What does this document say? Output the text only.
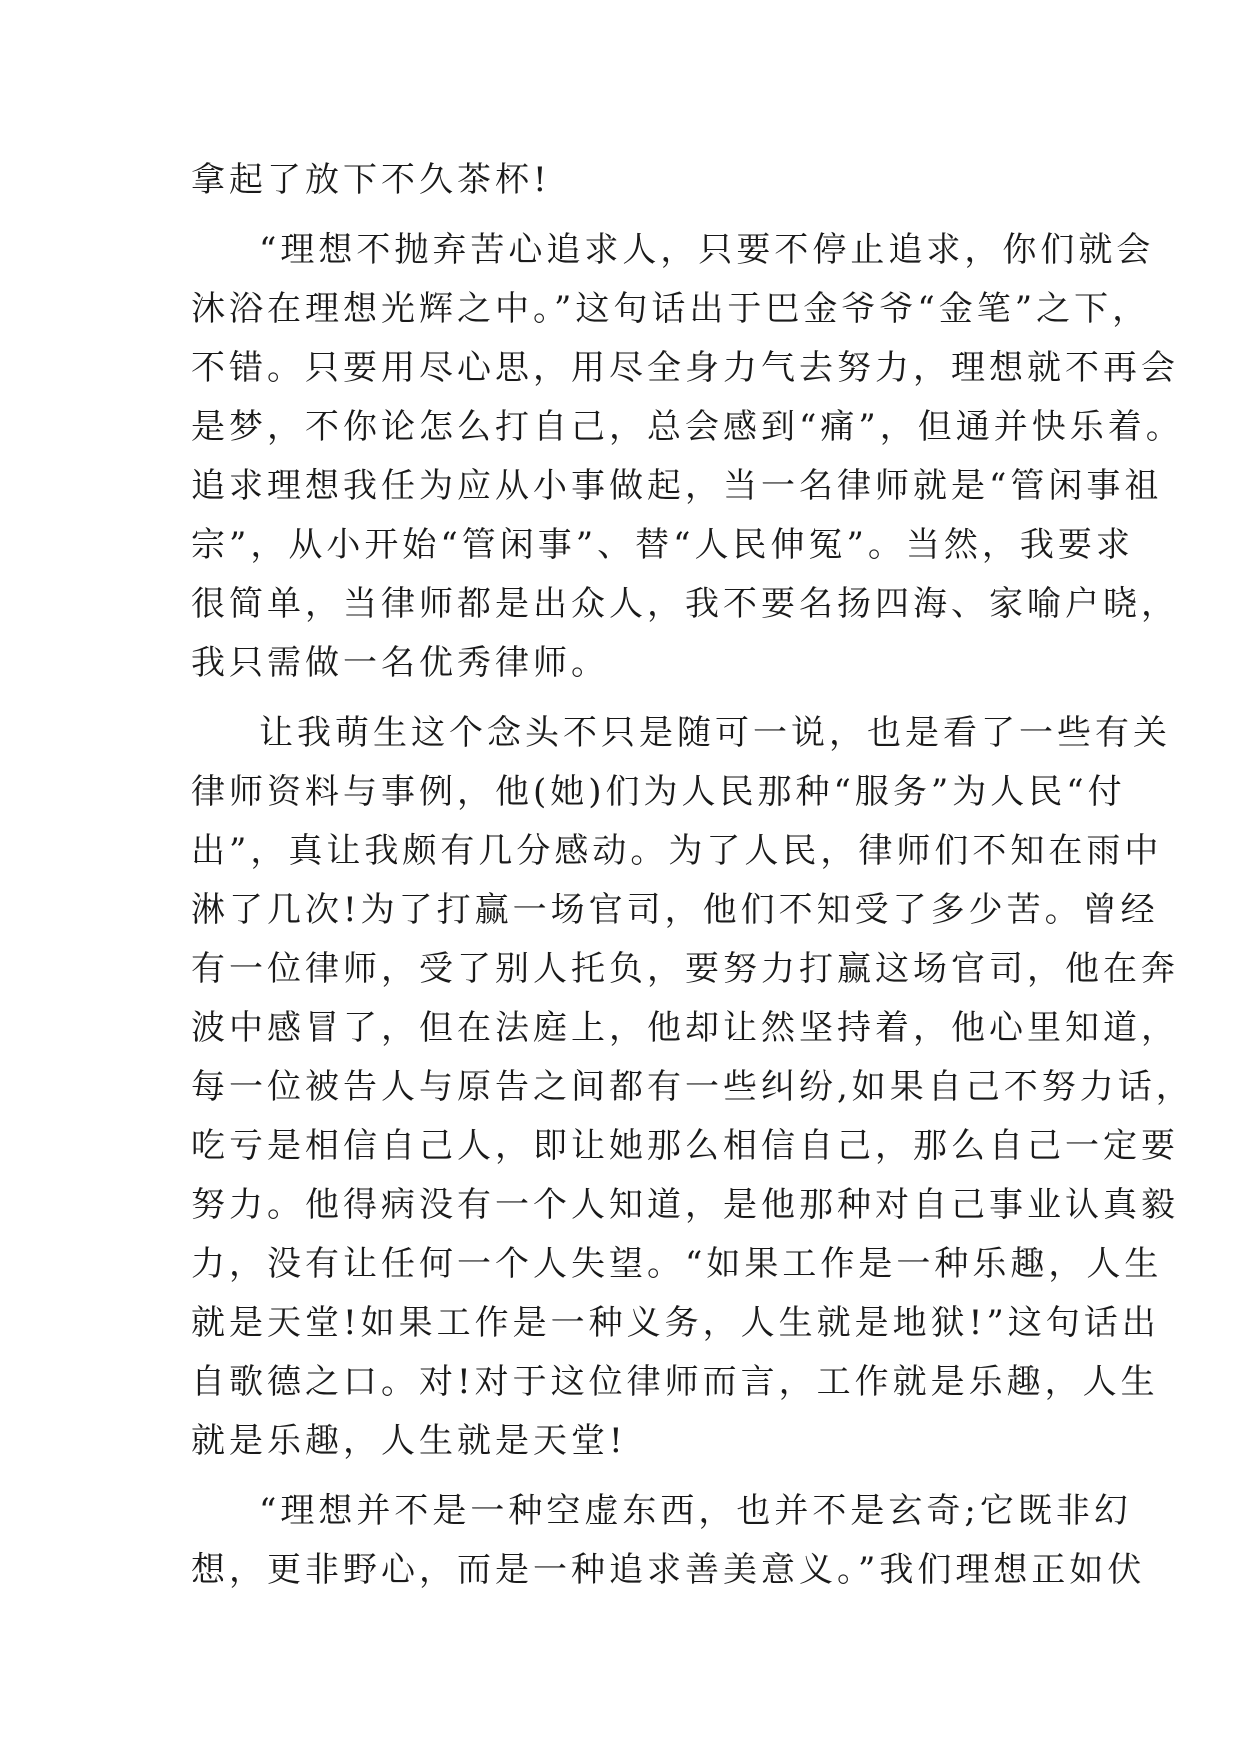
拿起了放下不久茶杯!
“理想不抛弃苦心追求人，只要不停止追求，你们就会
沐浴在理想光辉之中。”这句话出于巴金爷爷“金笔”之下，
不错。只要用尽心思，用尽全身力气去努力，理想就不再会
是梦，不你论怎么打自己，总会感到“痛”，但通并快乐着。
追求理想我任为应从小事做起，当一名律师就是“管闲事祖
宗”，从小开始“管闲事”、替“人民伸冤”。当然，我要求
很简单，当律师都是出众人，我不要名扬四海、家喻户晓，
我只需做一名优秀律师。
让我萌生这个念头不只是随可一说，也是看了一些有关
律师资料与事例，他(她)们为人民那种“服务”为人民“付
出”，真让我颇有几分感动。为了人民，律师们不知在雨中
淋了几次!为了打赢一场官司，他们不知受了多少苦。曾经
有一位律师，受了别人托负，要努力打赢这场官司，他在奔
波中感冒了，但在法庭上，他却让然坚持着，他心里知道，
每一位被告人与原告之间都有一些纠纷,如果自己不努力话，
吃亏是相信自己人，即让她那么相信自己，那么自己一定要
努力。他得病没有一个人知道，是他那种对自己事业认真毅
力，没有让任何一个人失望。“如果工作是一种乐趣，人生
就是天堂!如果工作是一种义务，人生就是地狱!”这句话出
自歌德之口。对!对于这位律师而言，工作就是乐趣，人生
就是乐趣，人生就是天堂!
“理想并不是一种空虚东西，也并不是玄奇;它既非幻
想，更非野心，而是一种追求善美意义。”我们理想正如伏
